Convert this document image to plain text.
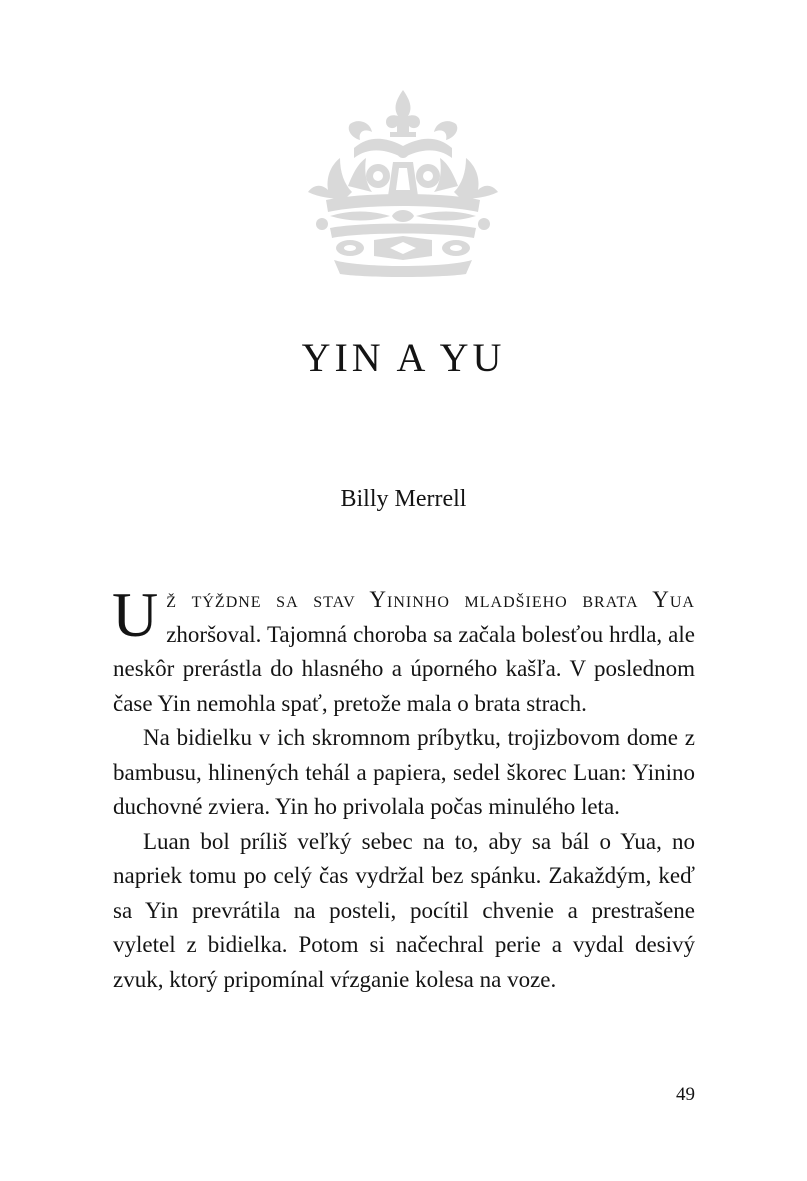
YIN A YU
Billy Merrell

Už týždne sa stav Yininho mladšieho brata Yua zhoršoval. Tajomná choroba sa začala bolesťou hrdla, ale neskôr prerástla do hlasného a úporného kašľa. V poslednom čase Yin nemohla spať, pretože mala o brata strach.

Na bidielku v ich skromnom príbytku, trojizbovom dome z bambusu, hlinených tehál a papiera, sedel škorec Luan: Yinino duchovné zviera. Yin ho privolala počas minulého leta.

Luan bol príliš veľký sebec na to, aby sa bál o Yua, no napriek tomu po celý čas vydržal bez spánku. Zakaždým, keď sa Yin prevrátila na posteli, pocítil chvenie a prestrašene vyletel z bidielka. Potom si načechral perie a vydal desivý zvuk, ktorý pripomínal vŕzganie kolesa na voze.

49
